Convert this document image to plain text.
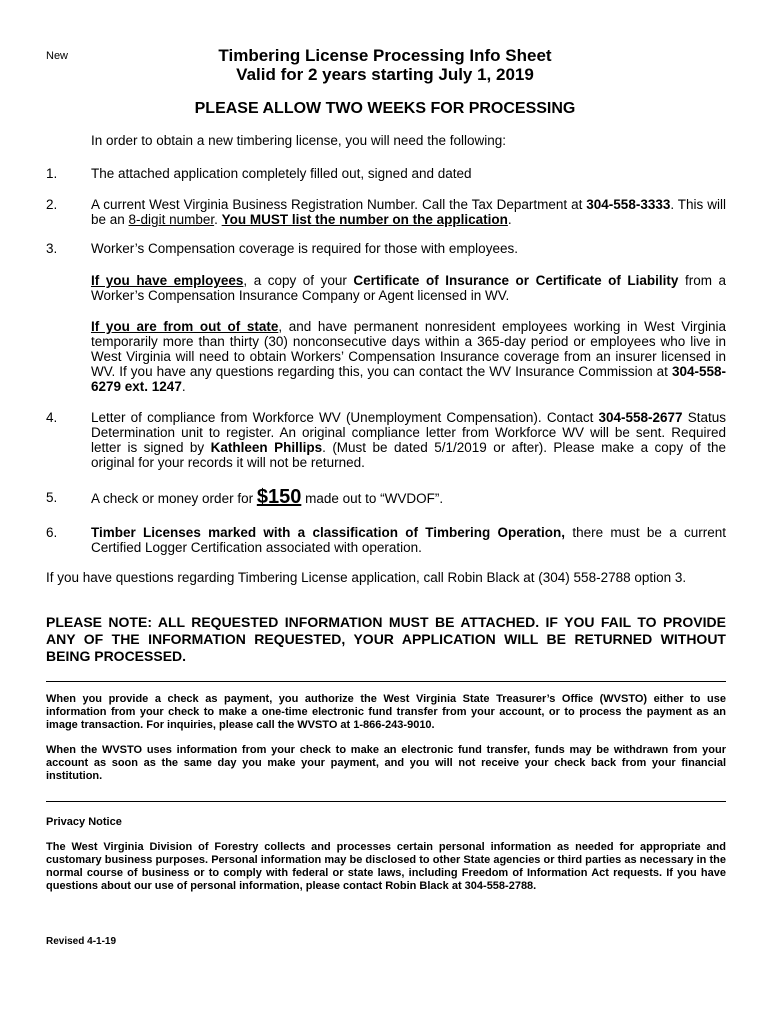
New	Timbering License Processing Info Sheet
Valid for 2 years starting July 1, 2019
PLEASE ALLOW TWO WEEKS FOR PROCESSING
In order to obtain a new timbering license, you will need the following:
1.	The attached application completely filled out, signed and dated
2.	A current West Virginia Business Registration Number. Call the Tax Department at 304-558-3333. This will be an 8-digit number. You MUST list the number on the application.
3.	Worker’s Compensation coverage is required for those with employees.
If you have employees, a copy of your Certificate of Insurance or Certificate of Liability from a Worker’s Compensation Insurance Company or Agent licensed in WV.
If you are from out of state, and have permanent nonresident employees working in West Virginia temporarily more than thirty (30) nonconsecutive days within a 365-day period or employees who live in West Virginia will need to obtain Workers’ Compensation Insurance coverage from an insurer licensed in WV. If you have any questions regarding this, you can contact the WV Insurance Commission at 304-558-6279 ext. 1247.
4.	Letter of compliance from Workforce WV (Unemployment Compensation). Contact 304-558-2677 Status Determination unit to register. An original compliance letter from Workforce WV will be sent. Required letter is signed by Kathleen Phillips. (Must be dated 5/1/2019 or after). Please make a copy of the original for your records it will not be returned.
5.	A check or money order for $150 made out to “WVDOF”.
6.	Timber Licenses marked with a classification of Timbering Operation, there must be a current Certified Logger Certification associated with operation.
If you have questions regarding Timbering License application, call Robin Black at (304) 558-2788 option 3.
PLEASE NOTE: ALL REQUESTED INFORMATION MUST BE ATTACHED. IF YOU FAIL TO PROVIDE ANY OF THE INFORMATION REQUESTED, YOUR APPLICATION WILL BE RETURNED WITHOUT BEING PROCESSED.
When you provide a check as payment, you authorize the West Virginia State Treasurer’s Office (WVSTO) either to use information from your check to make a one-time electronic fund transfer from your account, or to process the payment as an image transaction. For inquiries, please call the WVSTO at 1-866-243-9010.
When the WVSTO uses information from your check to make an electronic fund transfer, funds may be withdrawn from your account as soon as the same day you make your payment, and you will not receive your check back from your financial institution.
Privacy Notice
The West Virginia Division of Forestry collects and processes certain personal information as needed for appropriate and customary business purposes. Personal information may be disclosed to other State agencies or third parties as necessary in the normal course of business or to comply with federal or state laws, including Freedom of Information Act requests. If you have questions about our use of personal information, please contact Robin Black at 304-558-2788.
Revised 4-1-19
